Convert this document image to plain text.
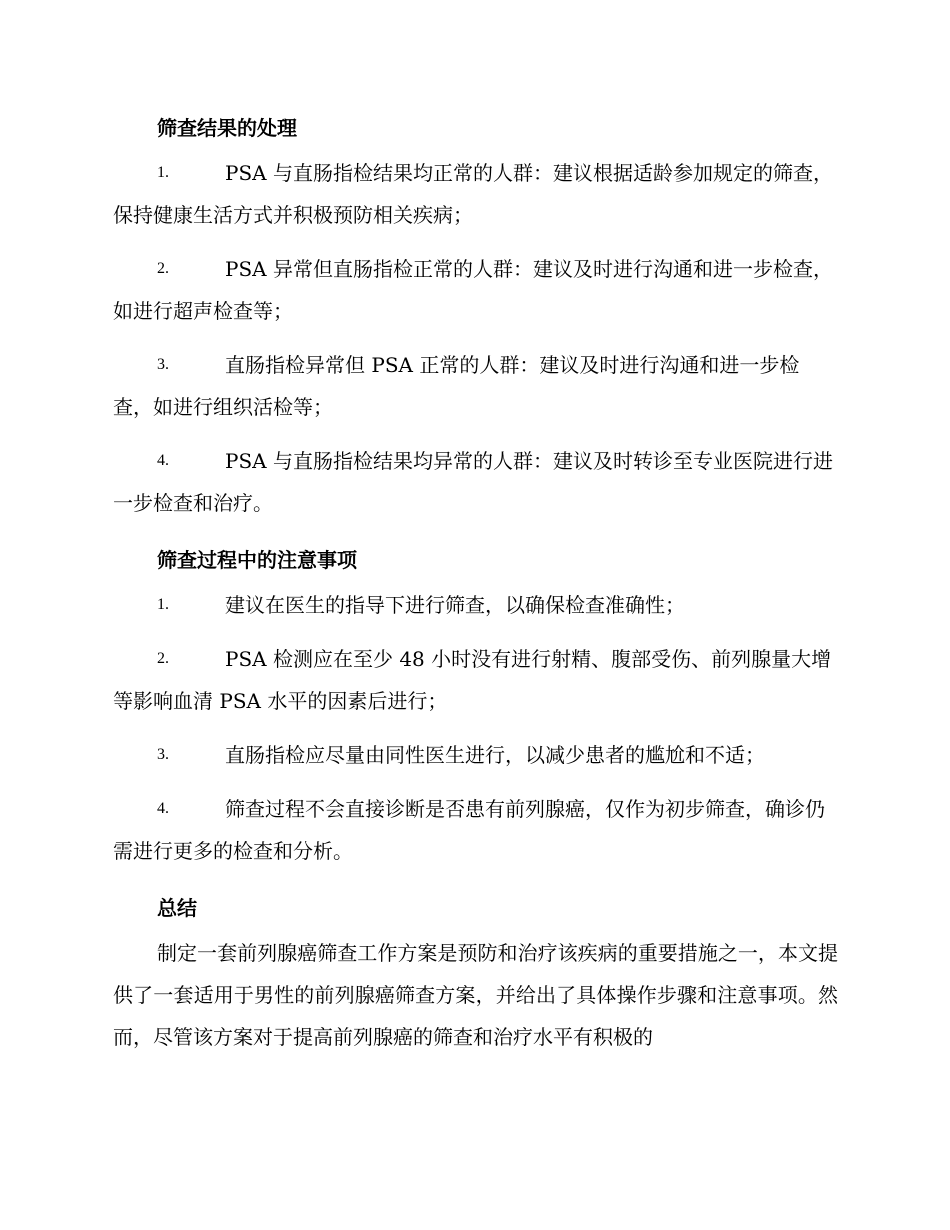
筛查结果的处理
1.	PSA 与直肠指检结果均正常的人群：建议根据适龄参加规定的筛查，保持健康生活方式并积极预防相关疾病；
2.	PSA 异常但直肠指检正常的人群：建议及时进行沟通和进一步检查，如进行超声检查等；
3.	直肠指检异常但 PSA 正常的人群：建议及时进行沟通和进一步检查，如进行组织活检等；
4.	PSA 与直肠指检结果均异常的人群：建议及时转诊至专业医院进行进一步检查和治疗。
筛查过程中的注意事项
1.	建议在医生的指导下进行筛查，以确保检查准确性；
2.	PSA 检测应在至少 48 小时没有进行射精、腹部受伤、前列腺量大增等影响血清 PSA 水平的因素后进行；
3.	直肠指检应尽量由同性医生进行，以减少患者的尴尬和不适；
4.	筛查过程不会直接诊断是否患有前列腺癌，仅作为初步筛查，确诊仍需进行更多的检查和分析。
总结

制定一套前列腺癌筛查工作方案是预防和治疗该疾病的重要措施之一，本文提供了一套适用于男性的前列腺癌筛查方案，并给出了具体操作步骤和注意事项。然而，尽管该方案对于提高前列腺癌的筛查和治疗水平有积极的
